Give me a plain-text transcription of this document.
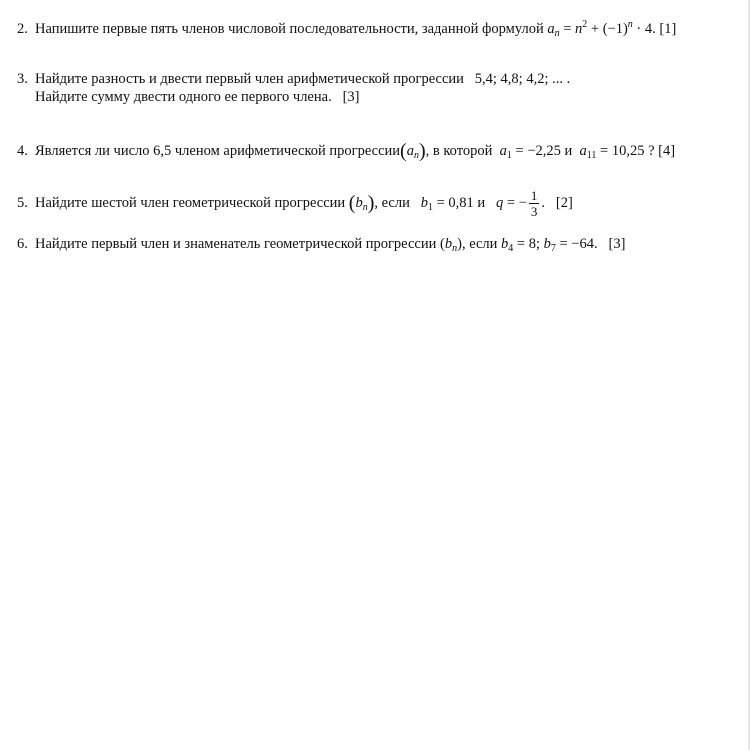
2. Напишите первые пять членов числовой последовательности, заданной формулой $a_n = n^2 + (-1)^n \cdot 4$. [1]
3. Найдите разность и двести первый член арифметической прогрессии 5,4; 4,8; 4,2; ... .
Найдите сумму двести одного ее первого члена. [3]
4. Является ли число 6,5 членом арифметической $прогрессии(a_n)$, в которой $a_1 = -2,25$ и $a_{11} = 10,25$ ? [4]
5. Найдите шестой член геометрической прогрессии $(b_n)$, если $b_1 = 0,81$ и q = − $\frac{1}{3}$ . [2]
6. Найдите первый член и знаменатель геометрической прогрессии $(b_n)$, если $b_4 = 8$; $b_7 = -64$. [3]
